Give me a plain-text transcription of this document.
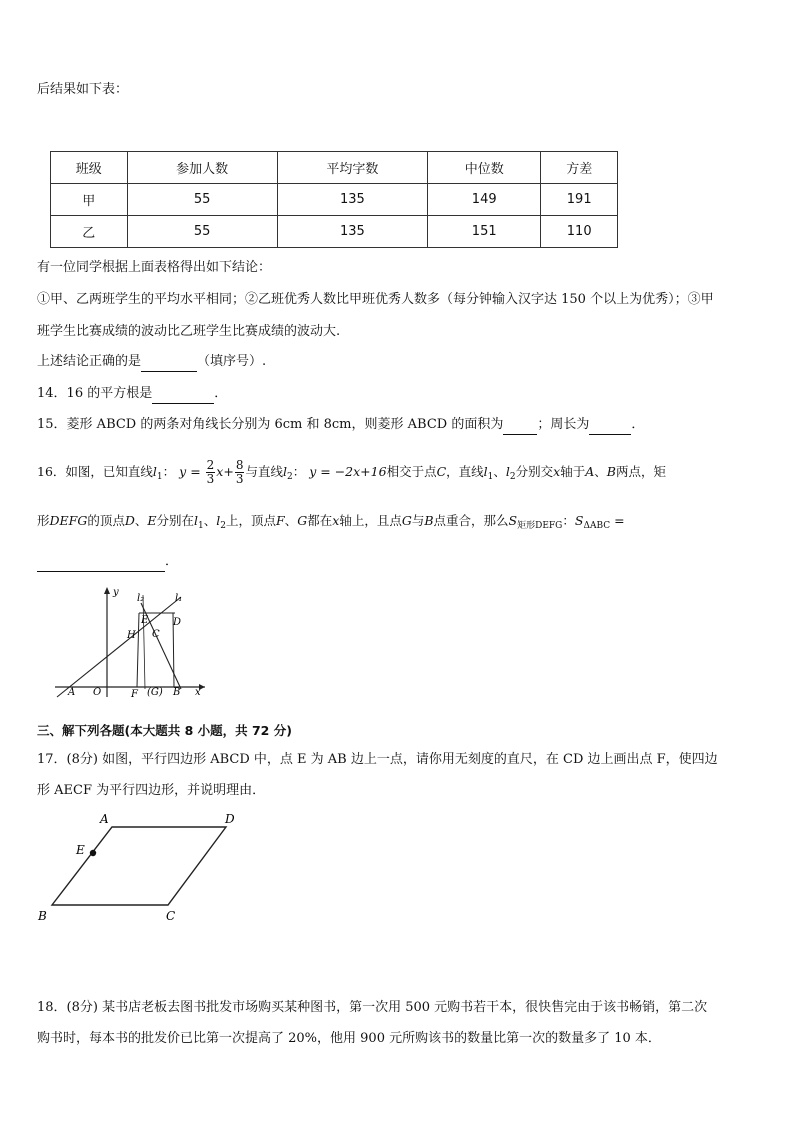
后结果如下表：
班级	参加人数	平均字数	中位数	方差
甲	55	135	149	191
乙	55	135	151	110
有一位同学根据上面表格得出如下结论：
①甲、乙两班学生的平均水平相同；②乙班优秀人数比甲班优秀人数多（每分钟输入汉字达 150 个以上为优秀）；③甲
班学生比赛成绩的波动比乙班学生比赛成绩的波动大.
上述结论正确的是	（填序号）.
14．16 的平方根是	．
15．菱形 ABCD 的两条对角线长分别为 6cm 和 8cm，则菱形 ABCD 的面积为	；周长为	．
16．如图，已知直线$l_1$： $y = \frac{2}{3} x+ \frac{8}{3}$ 与直线$l_2$： y = −2x+16相交于点C，直线$l_1$、$l_2$分别交x轴于A、B两点，矩
形DEFG的顶点D、E分别在$l_1$、$l_2$上，顶点F、G都在x轴上，且点G与B点重合，那么$S_{矩形DEFG}$：$S_{\Delta ABC}$ =
．
y
l₂	l₁
E D
H C
A O	F (G) B x
三、解下列各题(本大题共 8 小题，共 72 分)
17．(8分) 如图，平行四边形 ABCD 中，点 E 为 AB 边上一点，请你用无刻度的直尺，在 CD 边上画出点 F，使四边
形 AECF 为平行四边形，并说明理由．
A	D
E
B	C
18．(8分) 某书店老板去图书批发市场购买某种图书，第一次用 500 元购书若干本，很快售完由于该书畅销，第二次
购书时，每本书的批发价已比第一次提高了 20%，他用 900 元所购该书的数量比第一次的数量多了 10 本．
